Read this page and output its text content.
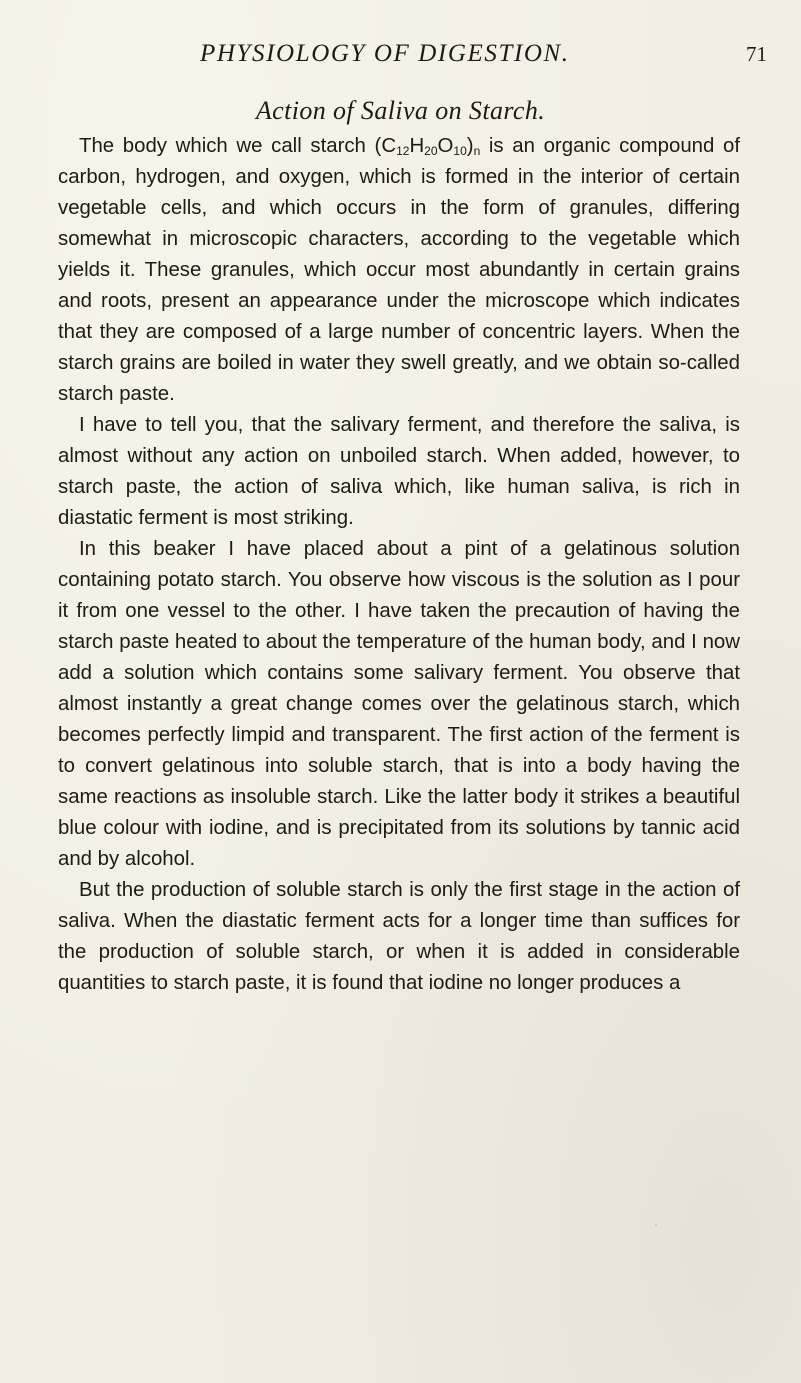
PHYSIOLOGY OF DIGESTION.	71
Action of Saliva on Starch.

The body which we call starch $(C_{12}H_{20}O_{10})_n$ is an organic compound of carbon, hydrogen, and oxygen, which is formed in the interior of certain vegetable cells, and which occurs in the form of granules, differing somewhat in microscopic characters, according to the vegetable which yields it. These granules, which occur most abundantly in certain grains and roots, present an appearance under the microscope which indicates that they are composed of a large number of concentric layers. When the starch grains are boiled in water they swell greatly, and we obtain so-called starch paste.

I have to tell you, that the salivary ferment, and therefore the saliva, is almost without any action on unboiled starch. When added, however, to starch paste, the action of saliva which, like human saliva, is rich in diastatic ferment is most striking.

In this beaker I have placed about a pint of a gelatinous solution containing potato starch. You observe how viscous is the solution as I pour it from one vessel to the other. I have taken the precaution of having the starch paste heated to about the temperature of the human body, and I now add a solution which contains some salivary ferment. You observe that almost instantly a great change comes over the gelatinous starch, which becomes perfectly limpid and transparent. The first action of the ferment is to convert gelatinous into soluble starch, that is into a body having the same reactions as insoluble starch. Like the latter body it strikes a beautiful blue colour with iodine, and is precipitated from its solutions by tannic acid and by alcohol.

But the production of soluble starch is only the first stage in the action of saliva. When the diastatic ferment acts for a longer time than suffices for the production of soluble starch, or when it is added in considerable quantities to starch paste, it is found that iodine no longer produces a
